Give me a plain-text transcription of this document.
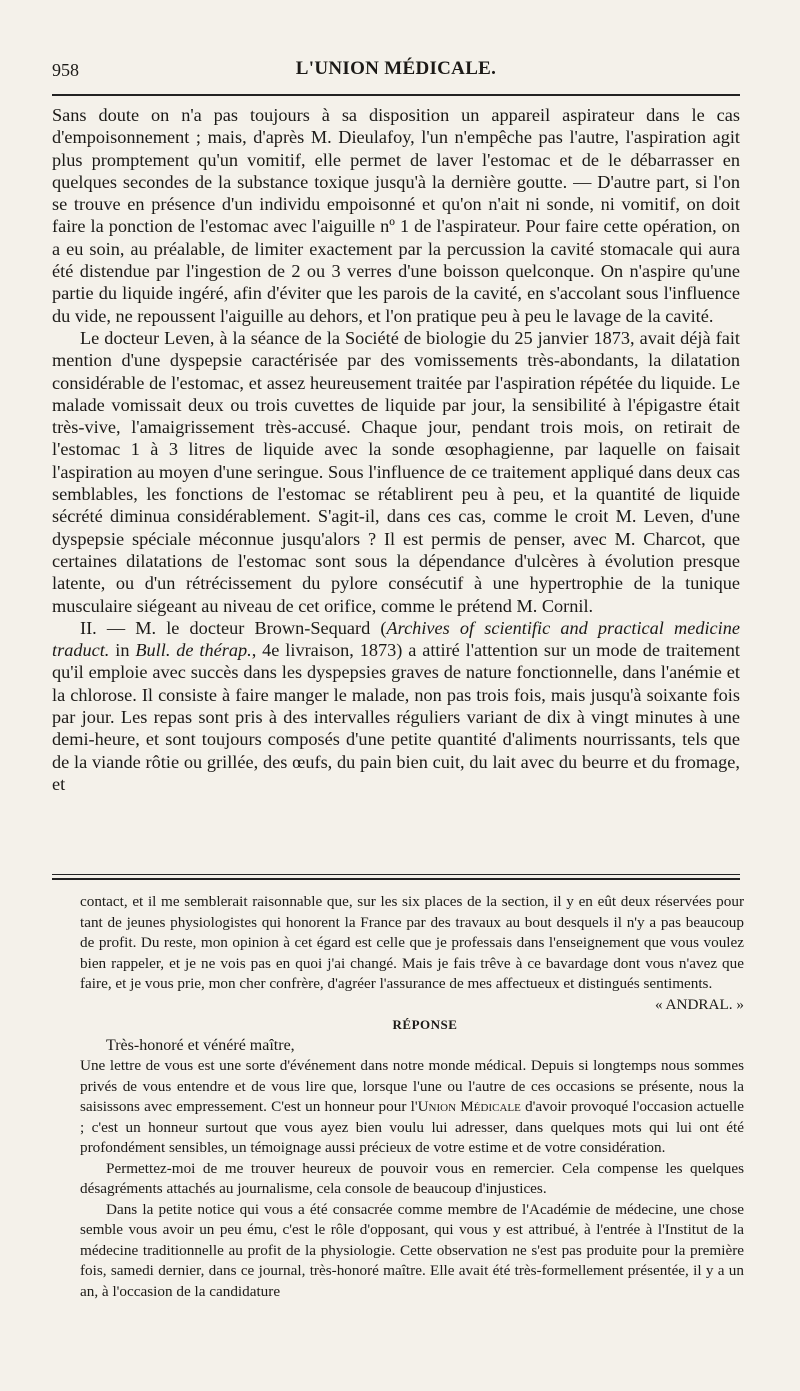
958	L'UNION MÉDICALE.

Sans doute on n'a pas toujours à sa disposition un appareil aspirateur dans le cas d'empoisonnement ; mais, d'après M. Dieulafoy, l'un n'empêche pas l'autre, l'aspiration agit plus promptement qu'un vomitif, elle permet de laver l'estomac et de le débarrasser en quelques secondes de la substance toxique jusqu'à la dernière goutte. — D'autre part, si l'on se trouve en présence d'un individu empoisonné et qu'on n'ait ni sonde, ni vomitif, on doit faire la ponction de l'estomac avec l'aiguille nº 1 de l'aspirateur. Pour faire cette opération, on a eu soin, au préalable, de limiter exactement par la percussion la cavité stomacale qui aura été distendue par l'ingestion de 2 ou 3 verres d'une boisson quelconque. On n'aspire qu'une partie du liquide ingéré, afin d'éviter que les parois de la cavité, en s'accolant sous l'influence du vide, ne repoussent l'aiguille au dehors, et l'on pratique peu à peu le lavage de la cavité.

Le docteur Leven, à la séance de la Société de biologie du 25 janvier 1873, avait déjà fait mention d'une dyspepsie caractérisée par des vomissements très-abondants, la dilatation considérable de l'estomac, et assez heureusement traitée par l'aspiration répétée du liquide. Le malade vomissait deux ou trois cuvettes de liquide par jour, la sensibilité à l'épigastre était très-vive, l'amaigrissement très-accusé. Chaque jour, pendant trois mois, on retirait de l'estomac 1 à 3 litres de liquide avec la sonde œsophagienne, par laquelle on faisait l'aspiration au moyen d'une seringue. Sous l'influence de ce traitement appliqué dans deux cas semblables, les fonctions de l'estomac se rétablirent peu à peu, et la quantité de liquide sécrété diminua considérablement. S'agit-il, dans ces cas, comme le croit M. Leven, d'une dyspepsie spéciale méconnue jusqu'alors ? Il est permis de penser, avec M. Charcot, que certaines dilatations de l'estomac sont sous la dépendance d'ulcères à évolution presque latente, ou d'un rétrécissement du pylore consécutif à une hypertrophie de la tunique musculaire siégeant au niveau de cet orifice, comme le prétend M. Cornil.

II. — M. le docteur Brown-Sequard (Archives of scientific and practical medicine traduct. in Bull. de thérap., 4e livraison, 1873) a attiré l'attention sur un mode de traitement qu'il emploie avec succès dans les dyspepsies graves de nature fonctionnelle, dans l'anémie et la chlorose. Il consiste à faire manger le malade, non pas trois fois, mais jusqu'à soixante fois par jour. Les repas sont pris à des intervalles réguliers variant de dix à vingt minutes à une demi-heure, et sont toujours composés d'une petite quantité d'aliments nourrissants, tels que de la viande rôtie ou grillée, des œufs, du pain bien cuit, du lait avec du beurre et du fromage, et

contact, et il me semblerait raisonnable que, sur les six places de la section, il y en eût deux réservées pour tant de jeunes physiologistes qui honorent la France par des travaux au bout desquels il n'y a pas beaucoup de profit. Du reste, mon opinion à cet égard est celle que je professais dans l'enseignement que vous voulez bien rappeler, et je ne vois pas en quoi j'ai changé. Mais je fais trêve à ce bavardage dont vous n'avez que faire, et je vous prie, mon cher confrère, d'agréer l'assurance de mes affectueux et distingués sentiments.

« ANDRAL. »

RÉPONSE

Très-honoré et vénéré maître,

Une lettre de vous est une sorte d'événement dans notre monde médical. Depuis si longtemps nous sommes privés de vous entendre et de vous lire que, lorsque l'une ou l'autre de ces occasions se présente, nous la saisissons avec empressement. C'est un honneur pour l'Union Médicale d'avoir provoqué l'occasion actuelle ; c'est un honneur surtout que vous ayez bien voulu lui adresser, dans quelques mots qui lui ont été profondément sensibles, un témoignage aussi précieux de votre estime et de votre considération.

Permettez-moi de me trouver heureux de pouvoir vous en remercier. Cela compense les quelques désagréments attachés au journalisme, cela console de beaucoup d'injustices.

Dans la petite notice qui vous a été consacrée comme membre de l'Académie de médecine, une chose semble vous avoir un peu ému, c'est le rôle d'opposant, qui vous y est attribué, à l'entrée à l'Institut de la médecine traditionnelle au profit de la physiologie. Cette observation ne s'est pas produite pour la première fois, samedi dernier, dans ce journal, très-honoré maître. Elle avait été très-formellement présentée, il y a un an, à l'occasion de la candidature
